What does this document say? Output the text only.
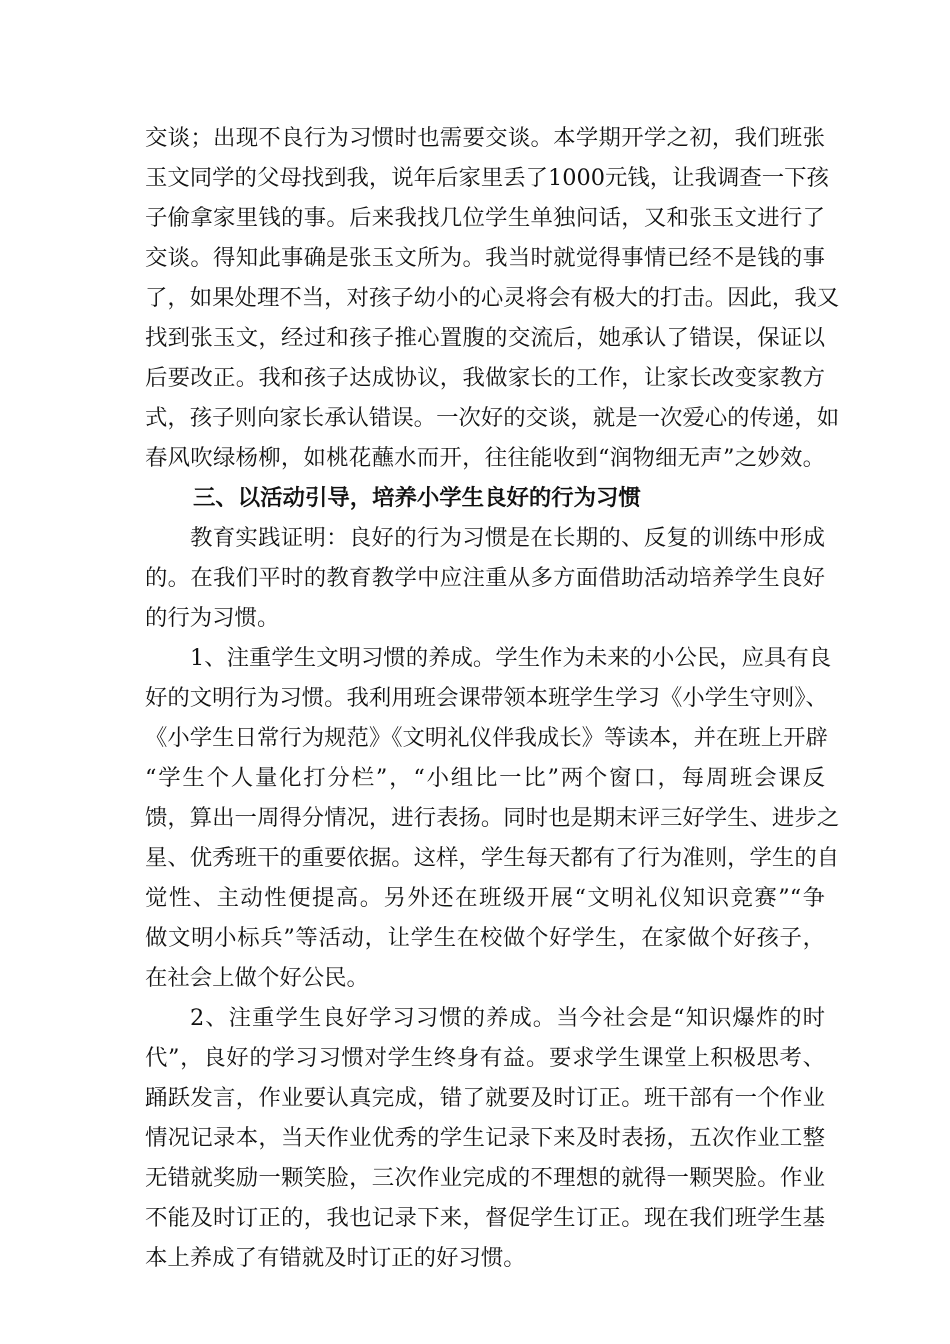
交谈；出现不良行为习惯时也需要交谈。本学期开学之初，我们班张
玉文同学的父母找到我，说年后家里丢了1000元钱，让我调查一下孩
子偷拿家里钱的事。后来我找几位学生单独问话，又和张玉文进行了
交谈。得知此事确是张玉文所为。我当时就觉得事情已经不是钱的事
了，如果处理不当，对孩子幼小的心灵将会有极大的打击。因此，我又
找到张玉文，经过和孩子推心置腹的交流后，她承认了错误，保证以
后要改正。我和孩子达成协议，我做家长的工作，让家长改变家教方
式，孩子则向家长承认错误。一次好的交谈，就是一次爱心的传递，如
春风吹绿杨柳，如桃花蘸水而开，往往能收到“润物细无声”之妙效。
三、以活动引导，培养小学生良好的行为习惯
教育实践证明：良好的行为习惯是在长期的、反复的训练中形成
的。在我们平时的教育教学中应注重从多方面借助活动培养学生良好
的行为习惯。
1、注重学生文明习惯的养成。学生作为未来的小公民，应具有良
好的文明行为习惯。我利用班会课带领本班学生学习《小学生守则》、
《小学生日常行为规范》《文明礼仪伴我成长》等读本，并在班上开辟
“学生个人量化打分栏”，“小组比一比”两个窗口，每周班会课反
馈，算出一周得分情况，进行表扬。同时也是期末评三好学生、进步之
星、优秀班干的重要依据。这样，学生每天都有了行为准则，学生的自
觉性、主动性便提高。另外还在班级开展“文明礼仪知识竞赛”“争
做文明小标兵”等活动，让学生在校做个好学生，在家做个好孩子，
在社会上做个好公民。
2、注重学生良好学习习惯的养成。当今社会是“知识爆炸的时
代”，良好的学习习惯对学生终身有益。要求学生课堂上积极思考、
踊跃发言，作业要认真完成，错了就要及时订正。班干部有一个作业
情况记录本，当天作业优秀的学生记录下来及时表扬，五次作业工整
无错就奖励一颗笑脸，三次作业完成的不理想的就得一颗哭脸。作业
不能及时订正的，我也记录下来，督促学生订正。现在我们班学生基
本上养成了有错就及时订正的好习惯。
